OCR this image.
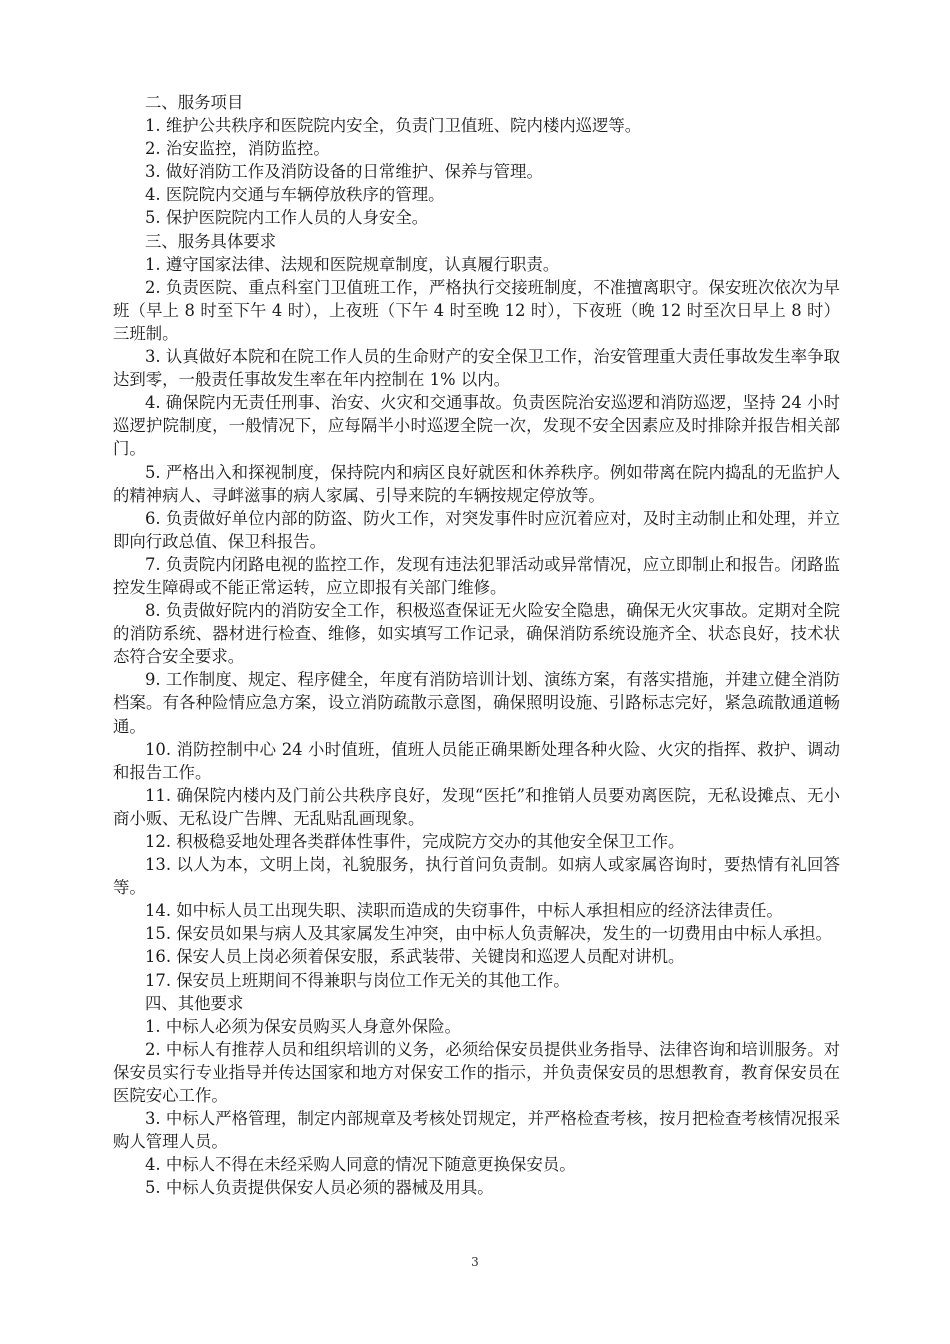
二、服务项目

1. 维护公共秩序和医院院内安全，负责门卫值班、院内楼内巡逻等。

2. 治安监控，消防监控。

3. 做好消防工作及消防设备的日常维护、保养与管理。

4. 医院院内交通与车辆停放秩序的管理。

5. 保护医院院内工作人员的人身安全。

三、服务具体要求

1. 遵守国家法律、法规和医院规章制度，认真履行职责。

2. 负责医院、重点科室门卫值班工作，严格执行交接班制度，不准擅离职守。保安班次依次为早班（早上 8 时至下午 4 时），上夜班（下午 4 时至晚 12 时），下夜班（晚 12 时至次日早上 8 时）三班制。

3. 认真做好本院和在院工作人员的生命财产的安全保卫工作，治安管理重大责任事故发生率争取达到零，一般责任事故发生率在年内控制在 1% 以内。

4. 确保院内无责任刑事、治安、火灾和交通事故。负责医院治安巡逻和消防巡逻，坚持 24 小时巡逻护院制度，一般情况下，应每隔半小时巡逻全院一次，发现不安全因素应及时排除并报告相关部门。

5. 严格出入和探视制度，保持院内和病区良好就医和休养秩序。例如带离在院内捣乱的无监护人的精神病人、寻衅滋事的病人家属、引导来院的车辆按规定停放等。

6. 负责做好单位内部的防盗、防火工作，对突发事件时应沉着应对，及时主动制止和处理，并立即向行政总值、保卫科报告。

7. 负责院内闭路电视的监控工作，发现有违法犯罪活动或异常情况，应立即制止和报告。闭路监控发生障碍或不能正常运转，应立即报有关部门维修。

8. 负责做好院内的消防安全工作，积极巡查保证无火险安全隐患，确保无火灾事故。定期对全院的消防系统、器材进行检查、维修，如实填写工作记录，确保消防系统设施齐全、状态良好，技术状态符合安全要求。

9. 工作制度、规定、程序健全，年度有消防培训计划、演练方案，有落实措施，并建立健全消防档案。有各种险情应急方案，设立消防疏散示意图，确保照明设施、引路标志完好，紧急疏散通道畅通。

10. 消防控制中心 24 小时值班，值班人员能正确果断处理各种火险、火灾的指挥、救护、调动和报告工作。

11. 确保院内楼内及门前公共秩序良好，发现“医托”和推销人员要劝离医院，无私设摊点、无小商小贩、无私设广告牌、无乱贴乱画现象。

12. 积极稳妥地处理各类群体性事件，完成院方交办的其他安全保卫工作。

13. 以人为本，文明上岗，礼貌服务，执行首问负责制。如病人或家属咨询时，要热情有礼回答等。

14. 如中标人员工出现失职、渎职而造成的失窃事件，中标人承担相应的经济法律责任。

15. 保安员如果与病人及其家属发生冲突，由中标人负责解决，发生的一切费用由中标人承担。

16. 保安人员上岗必须着保安服，系武装带、关键岗和巡逻人员配对讲机。

17. 保安员上班期间不得兼职与岗位工作无关的其他工作。

四、其他要求

1. 中标人必须为保安员购买人身意外保险。

2. 中标人有推荐人员和组织培训的义务，必须给保安员提供业务指导、法律咨询和培训服务。对保安员实行专业指导并传达国家和地方对保安工作的指示，并负责保安员的思想教育，教育保安员在医院安心工作。

3. 中标人严格管理，制定内部规章及考核处罚规定，并严格检查考核，按月把检查考核情况报采购人管理人员。

4. 中标人不得在未经采购人同意的情况下随意更换保安员。

5. 中标人负责提供保安人员必须的器械及用具。

3
